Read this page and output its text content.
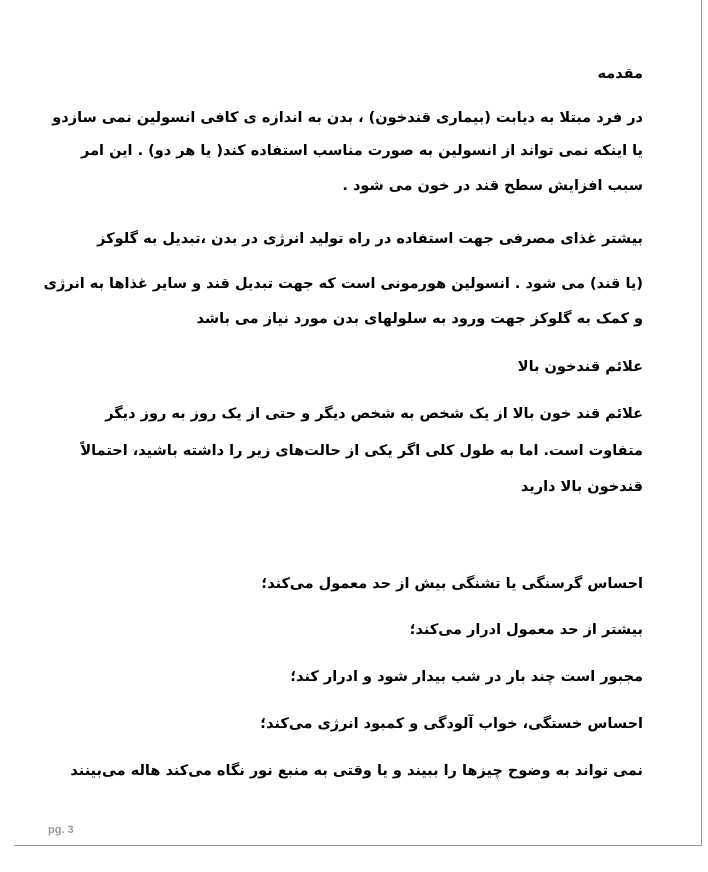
مقدمه
در فرد مبتلا به دیابت (بیماری قندخون) ، بدن به اندازه ی کافی انسولین نمی سازدو
یا اینکه نمی تواند از انسولین به صورت مناسب استفاده کند( یا هر دو) . این امر
سبب افزایش سطح قند در خون می شود .
بیشتر غذای مصرفی جهت استفاده در راه تولید انرژی در بدن ،تبدیل به گلوکز
(یا قند) می شود . انسولین هورمونی است که جهت تبدیل قند و سایر غذاها به انرژی
و کمک به گلوکز جهت ورود به سلولهای بدن مورد نیاز می باشد
علائم قندخون بالا
علائم قند خون بالا از یک شخص به شخص دیگر و حتی از یک روز به روز دیگر
متفاوت است. اما به طول کلی اگر یکی از حالت‌های زیر را داشته باشید، احتمالاً
قندخون بالا دارید
احساس گرسنگی یا تشنگی بیش از حد معمول می‌کند؛
بیشتر از حد معمول ادرار می‌کند؛
مجبور است چند بار در شب بیدار شود و ادرار کند؛
احساس خستگی، خواب آلودگی و کمبود انرژی می‌کند؛
نمی تواند به وضوح چیزها را ببیند و یا وقتی به منبع نور نگاه می‌کند هاله می‌بینند
pg. 3
